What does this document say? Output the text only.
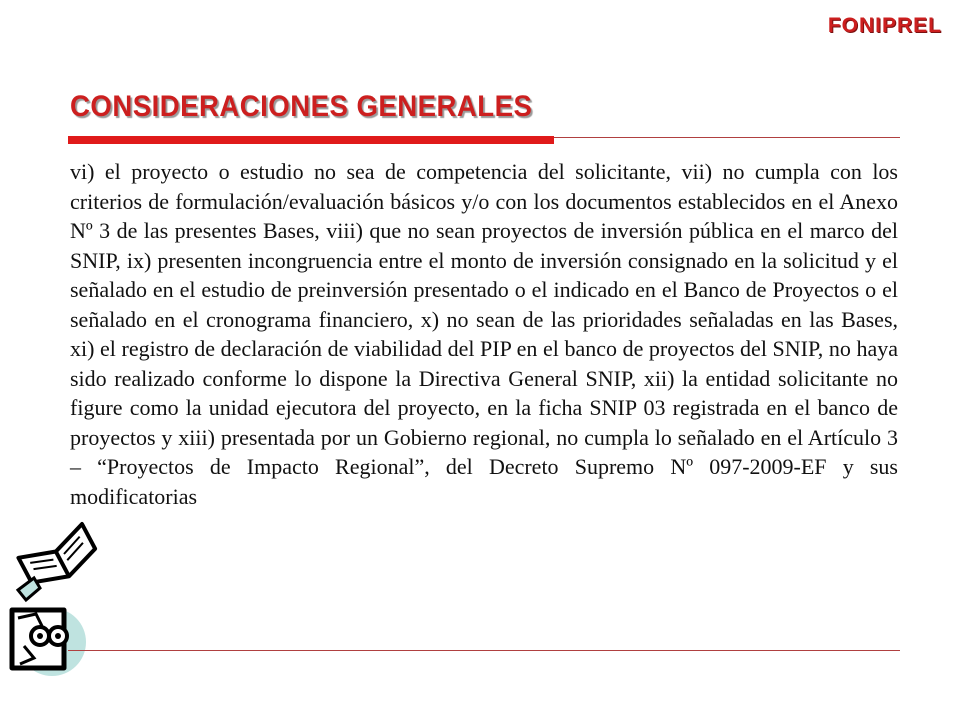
FONIPREL
CONSIDERACIONES GENERALES

vi) el proyecto o estudio no sea de competencia del solicitante, vii) no cumpla con los criterios de formulación/evaluación básicos y/o con los documentos establecidos en el Anexo Nº 3 de las presentes Bases, viii) que no sean proyectos de inversión pública en el marco del SNIP, ix) presenten incongruencia entre el monto de inversión consignado en la solicitud y el señalado en el estudio de preinversión presentado o el indicado en el Banco de Proyectos o el señalado en el cronograma financiero, x) no sean de las prioridades señaladas en las Bases, xi) el registro de declaración de viabilidad del PIP en el banco de proyectos del SNIP, no haya sido realizado conforme lo dispone la Directiva General SNIP, xii) la entidad solicitante no figure como la unidad ejecutora del proyecto, en la ficha SNIP 03 registrada en el banco de proyectos y xiii) presentada por un Gobierno regional, no cumpla lo señalado en el Artículo 3 – “Proyectos de Impacto Regional”, del Decreto Supremo Nº 097-2009-EF y sus modificatorias
